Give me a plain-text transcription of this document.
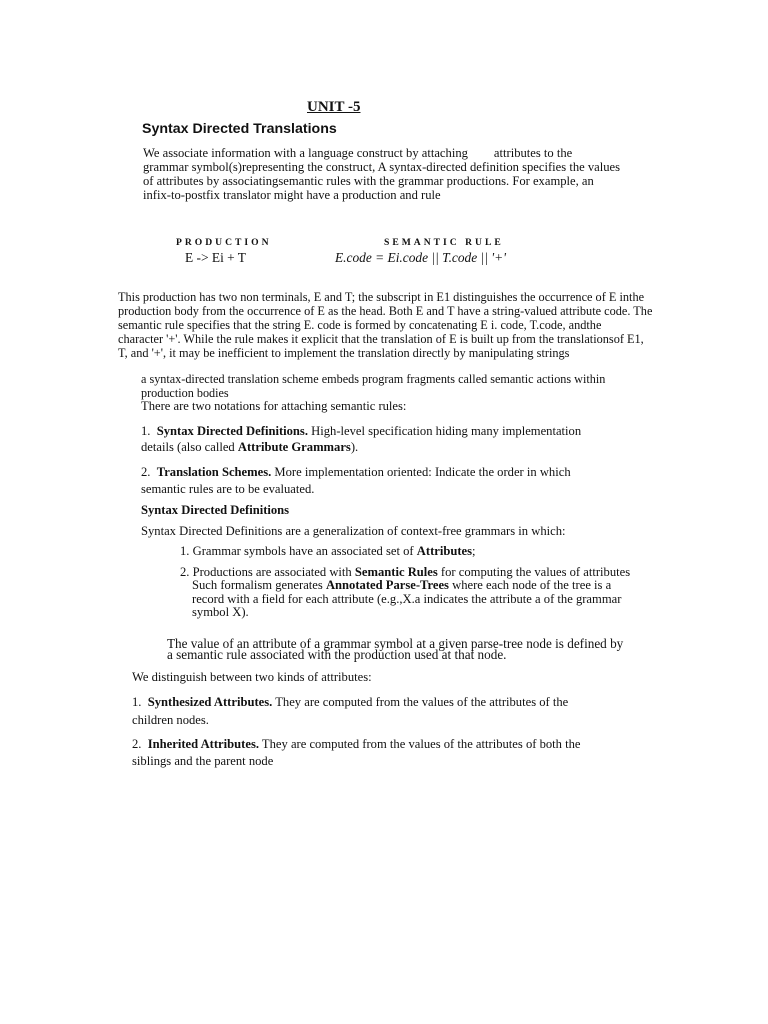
UNIT -5
Syntax Directed Translations

We associate information with a language construct by attaching attributes to the

grammar symbol(s)representing the construct, A syntax-directed definition specifies the values

of attributes by associatingsemantic rules with the grammar productions. For example, an

infix-to-postfix translator might have a production and rule

PRODUCTION	SEMANTIC RULE
E -> Ei + T	E.code = Ei.code || T.code || '+'

This production has two non terminals, E and T; the subscript in E1 distinguishes the occurrence of E inthe

production body from the occurrence of E as the head. Both E and T have a string-valued attribute code. The

semantic rule specifies that the string E. code is formed by concatenating E i. code, T.code, andthe

character '+'. While the rule makes it explicit that the translation of E is built up from the translationsof E1,

T, and '+', it may be inefficient to implement the translation directly by manipulating strings

a syntax-directed translation scheme embeds program fragments called semantic actions within

production bodies

There are two notations for attaching semantic rules:

1. Syntax Directed Definitions. High-level specification hiding many implementation

details (also called Attribute Grammars).

2. Translation Schemes. More implementation oriented: Indicate the order in which

semantic rules are to be evaluated.

Syntax Directed Definitions

Syntax Directed Definitions are a generalization of context-free grammars in which:

1. Grammar symbols have an associated set of Attributes;

2. Productions are associated with Semantic Rules for computing the values of attributes

Such formalism generates Annotated Parse-Trees where each node of the tree is a

record with a field for each attribute (e.g.,X.a indicates the attribute a of the grammar

symbol X).

The value of an attribute of a grammar symbol at a given parse-tree node is defined by

a semantic rule associated with the production used at that node.

We distinguish between two kinds of attributes:

1. Synthesized Attributes. They are computed from the values of the attributes of the

children nodes.

2. Inherited Attributes. They are computed from the values of the attributes of both the

siblings and the parent node
